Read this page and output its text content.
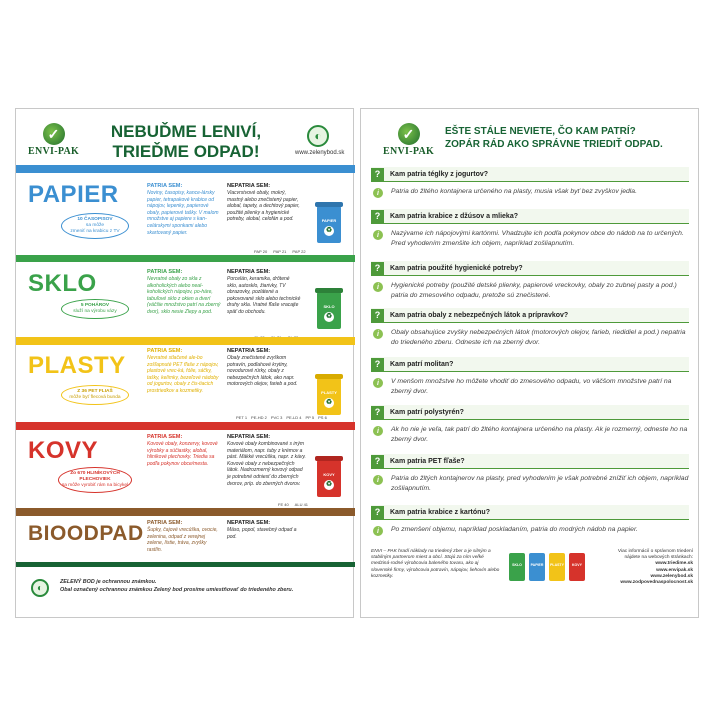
✓
ENVI-PAK
NEBUĎME LENIVÍ,
TRIEĎME ODPAD!
◐
www.zelenybod.sk
PAPIER
10 ČASOPISOV
sa môže
zmeniť na krabicu z TV
PATRIA SEM:
Noviny, časopisy, kance-lársky papier, tetrapakové krabice od nápojov, lepenky, papierové obaly, papierové tašky. V malom množstve aj papiere s kan-celárskymi sponkami alebo skartovaný papier.
NEPATRIA SEM:
Viacvrstvové obaly, mokrý, mastný alebo znečistený papier, alobal, tapety, a dechtový papier, použité plienky a hygienické potreby, alobal, celofán a pod.	PAPIER
♻
PAP 20 PAP 21 PAP 22
SKLO
5 POHÁROV
služí na výrobu vázy
PATRIA SEM:
Nevratné obaly zo skla z alkoholických alebo neal-koholických nápojov, po-háre, tabuľové sklo z okien a dverí (väčšie množstvo patrí na zberný dvor), sklo nesie Zlepy a pod.
NEPATRIA SEM:
Porcelán, keramika, drôtené sklo, autosklo, žiarivky, TV obrazovky, pozlátené a pokovované sklo alebo technické druhy skla. Vratné fľaše vracajte späť do obchodu.
SKLO
♻
PLASTY
Z 36 PET FLIAŠ
môže byť flecová bunda
PATRIA SEM:
Nevratné stlačené ale-bo zošľapnuté PET fľaše z nápojov, plastové vrec-ká, fólie, sáčky, tašky, kelímky, bezeľové nádoby od jogurtov, obaly z čis-tiacich prostriedkov a kozmetiky.
NEPATRIA SEM:
Obaly znečistené zvyškom potravín, podlahové krytiny, novodurové rúrky, obaly z nebezpečných látok, ako napr. motorových olejov, farieb a pod.
PLASTY
♻
PET 1 PE-HD 2 PVC 3 PE-LD 4 PP 5 PS 6
KOVY
Zo 670 HLINÍKOVÝCH
PLECHOVIEK
sa môže vyrobiť rám na bicykel
PATRIA SEM:
Kovové obaly, konzervy, kovové výrobky a súčiastky, alobal, hliníkové plechovky. Triedia sa podľa pokynov obce/mesta.
NEPATRIA SEM:
Kovové obaly kombinované s iným materiálom, napr. tuby z krémov a pást. Mäkké vrecúška, napr. z kávy. Kovové obaly z nebezpečných látok. Nadrozmerný kovový odpad je potrebné odniesť do zberných dvorov, príp. do zberných dvorov.
KOVY
♻
FE 40 ALU 41
BIOODPAD PATRIA SEM:
Šupky, čajové vrecúška, ovocie, zelenina, odpad z verejnej zelene, lístie, tráva, zvyšky rastlín.
NEPATRIA SEM:
Mäso, popol, stavebný odpad a pod.
◐
ZELENÝ BOD je ochrannou známkou.
Obal označený ochrannou známkou Zelený bod prosíme umiestňovať do triedeného zberu.
✓
ENVI-PAK
EŠTE STÁLE NEVIETE, ČO KAM PATRÍ?
ZOPÁR RÁD AKO SPRÁVNE TRIEDIŤ ODPAD.
?	Kam patria téglky z jogurtov?
i	Patria do žltého kontajnera určeného na plasty, musia však byť bez zvyškov jedla.
?	Kam patria krabice z džúsov a mlieka?
i	Nazývame ich nápojovými kartónmi. Vhadzujte ich podľa pokynov obce do nádob na to určených. Pred vyhodením zmenšite ich objem, napríklad zošliapnutím.
?	Kam patria použité hygienické potreby?
i	Hygienické potreby (použité detské plienky, papierové vreckovky, obaly zo zubnej pasty a pod.) patria do zmesového odpadu, pretože sú znečistené.
?	Kam patria obaly z nebezpečných látok a prípravkov?
i	Obaly obsahujúce zvyšky nebezpečných látok (motorových olejov, farieb, riedidiel a pod.) nepatria do triedeného zberu. Odneste ich na zberný dvor.
?	Kam patrí molitan?
i	V menšom množstve ho môžete vhodiť do zmesového odpadu, vo väčšom množstve patrí na zberný dvor.
?	Kam patrí polystyrén?
i	Ak ho nie je veľa, tak patrí do žltého kontajnera určeného na plasty. Ak je rozmerný, odneste ho na zberný dvor.
?	Kam patria PET fľaše?
i	Patria do žltých kontajnerov na plasty, pred vyhodením je však potrebné znížiť ich objem, napríklad zošliapnutím.
?	Kam patria krabice z kartónu?
i	Po zmenšení objemu, napríklad poskladaním, patria do modrých nádob na papier.
ENVI – PAK hradí náklady na triedený zber a je silným a stabilným partnerom miest a obcí. Stojú za ním veľké medziná-rodné výrobcovia baleného tovaru, ako aj slovenské firmy, výrobcovia potravín, nápojov, liehovín alebo kozmetiky.
SKLO	PAPIER	PLASTY	KOVY
Viac informácií o správnom triedení
nájdete na webových stránkach:
www.triedime.sk
www.envipak.sk
www.zelenybod.sk
www.zodpovednaspolocnost.sk
